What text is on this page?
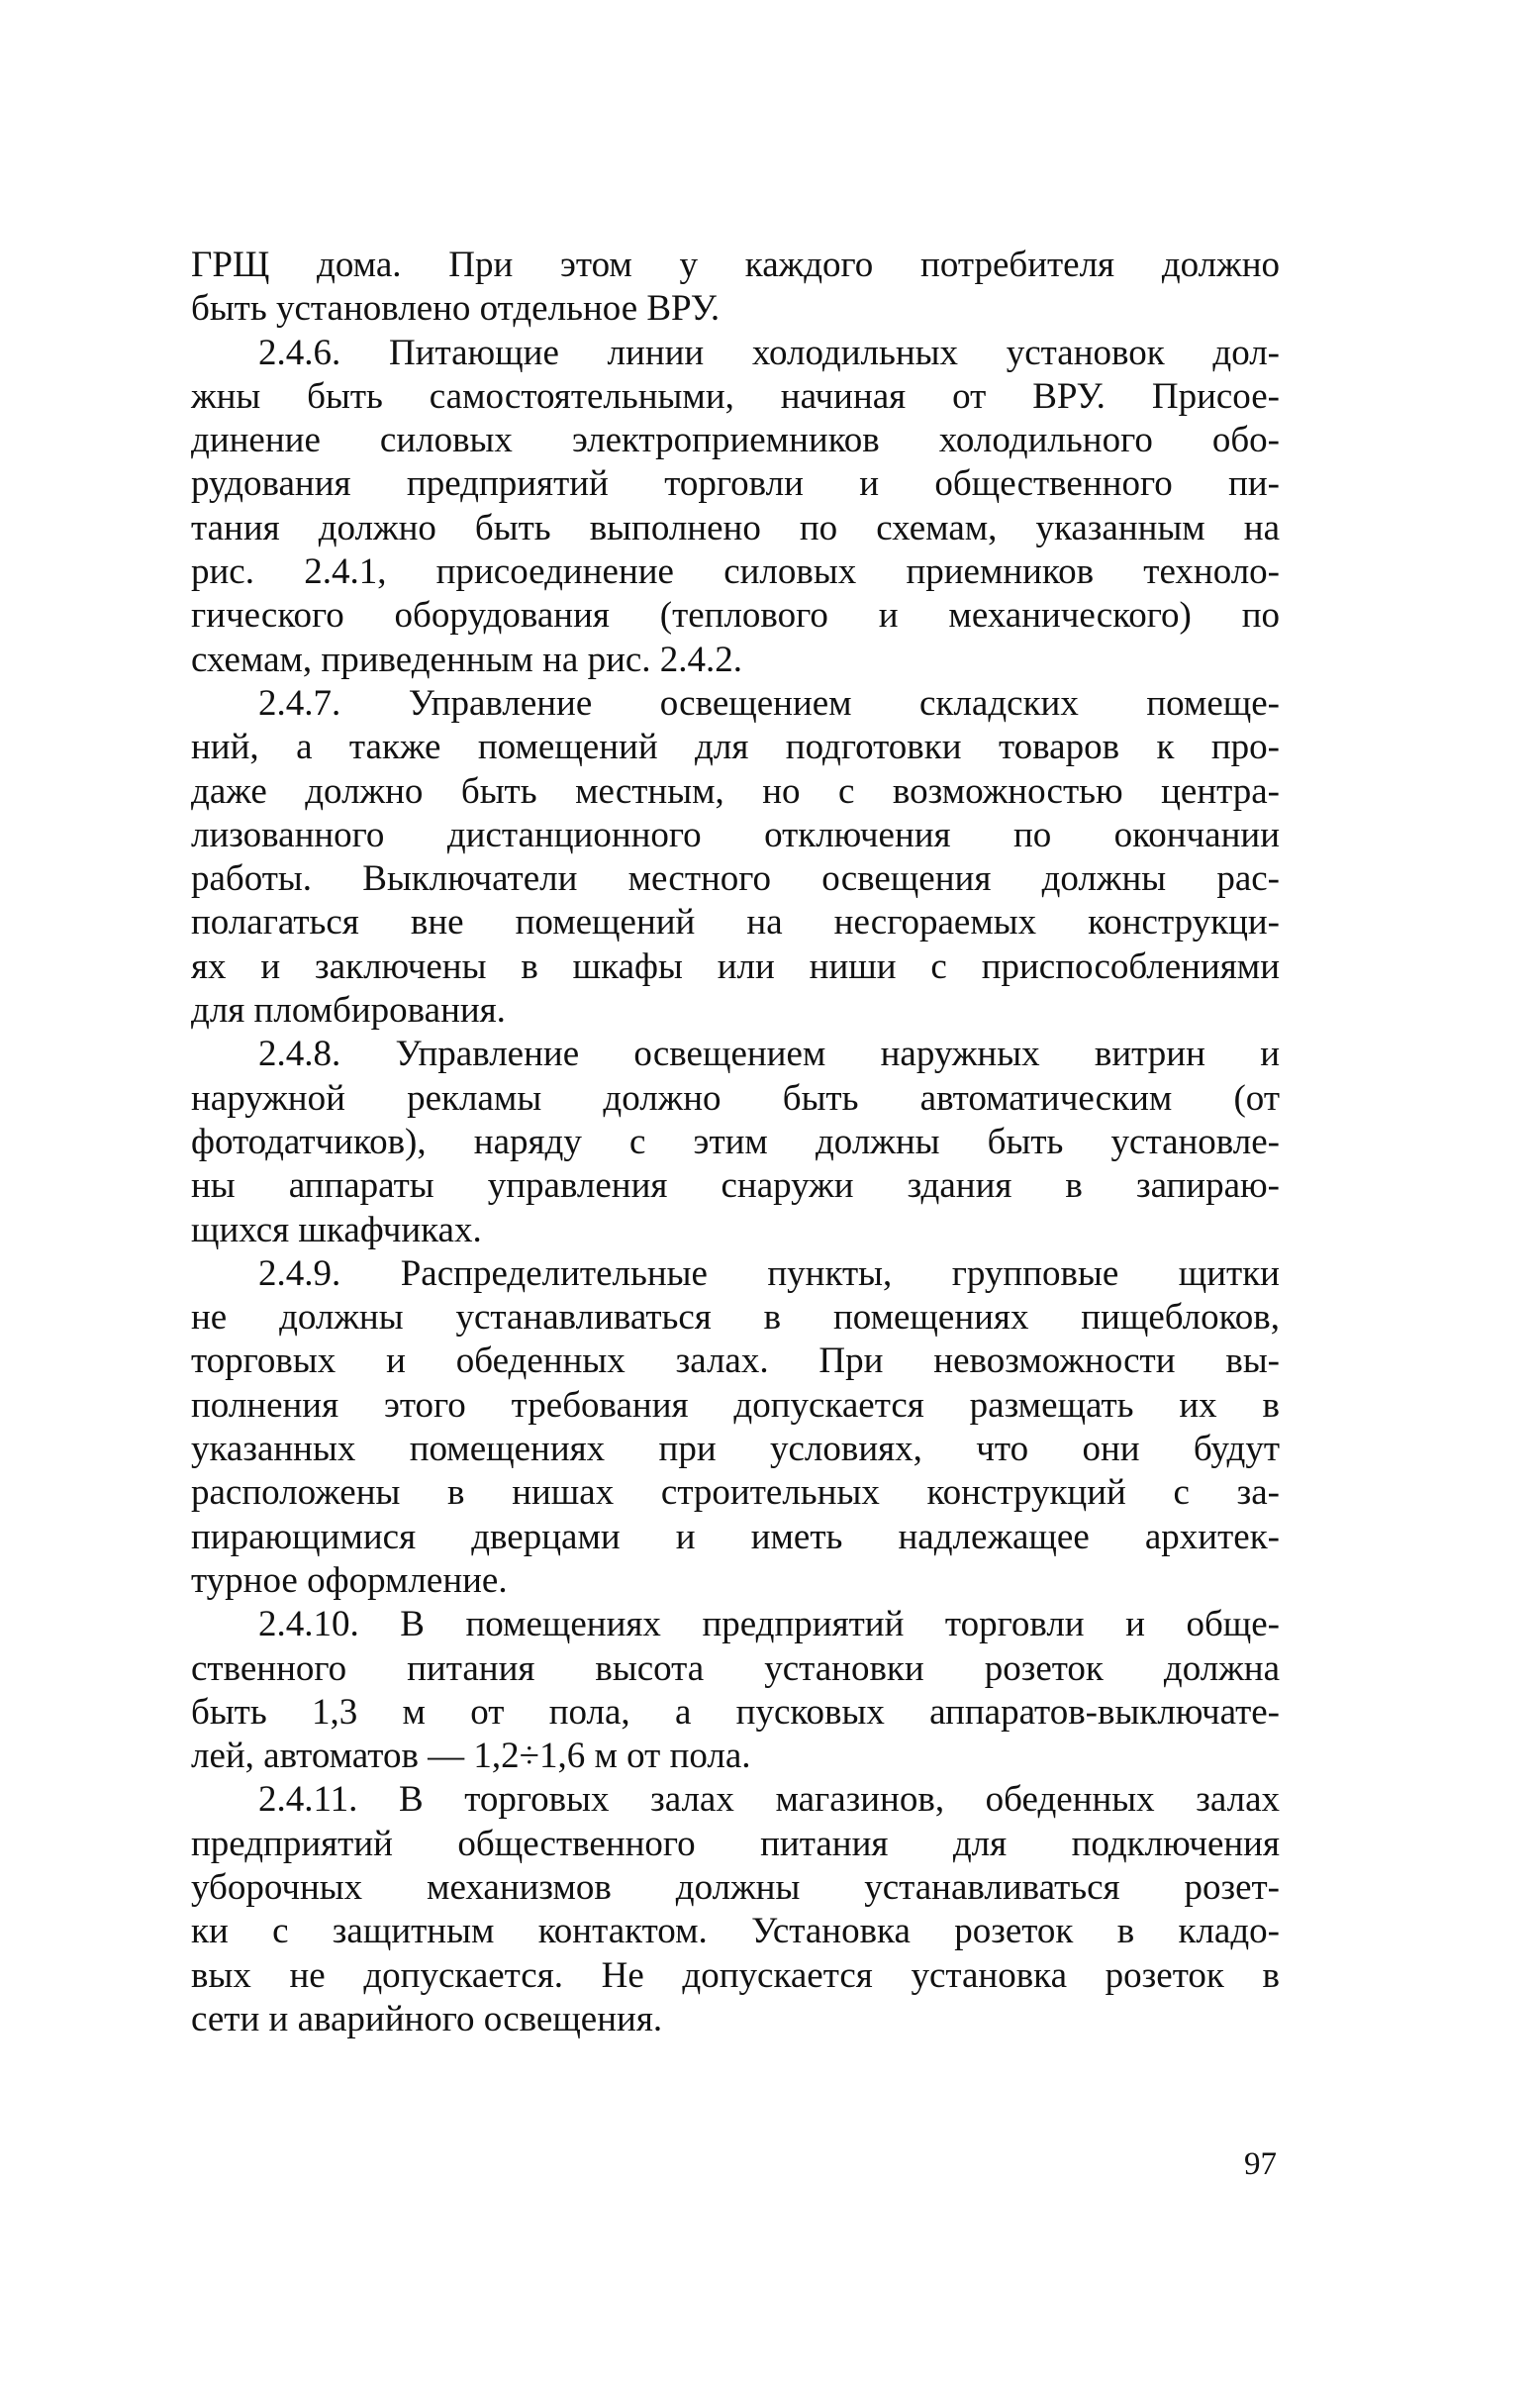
ГРЩ дома. При этом у каждого потребителя должно
быть установлено отдельное ВРУ.
2.4.6. Питающие линии холодильных установок дол-
жны быть самостоятельными, начиная от ВРУ. Присое-
динение силовых электроприемников холодильного обо-
рудования предприятий торговли и общественного пи-
тания должно быть выполнено по схемам, указанным на
рис. 2.4.1, присоединение силовых приемников техноло-
гического оборудования (теплового и механического) по
схемам, приведенным на рис. 2.4.2.
2.4.7. Управление освещением складских помеще-
ний, а также помещений для подготовки товаров к про-
даже должно быть местным, но с возможностью центра-
лизованного дистанционного отключения по окончании
работы. Выключатели местного освещения должны рас-
полагаться вне помещений на несгораемых конструкци-
ях и заключены в шкафы или ниши с приспособлениями
для пломбирования.
2.4.8. Управление освещением наружных витрин и
наружной рекламы должно быть автоматическим (от
фотодатчиков), наряду с этим должны быть установле-
ны аппараты управления снаружи здания в запираю-
щихся шкафчиках.
2.4.9. Распределительные пункты, групповые щитки
не должны устанавливаться в помещениях пищеблоков,
торговых и обеденных залах. При невозможности вы-
полнения этого требования допускается размещать их в
указанных помещениях при условиях, что они будут
расположены в нишах строительных конструкций с за-
пирающимися дверцами и иметь надлежащее архитек-
турное оформление.
2.4.10. В помещениях предприятий торговли и обще-
ственного питания высота установки розеток должна
быть 1,3 м от пола, а пусковых аппаратов-выключате-
лей, автоматов — 1,2÷1,6 м от пола.
2.4.11. В торговых залах магазинов, обеденных залах
предприятий общественного питания для подключения
уборочных механизмов должны устанавливаться розет-
ки с защитным контактом. Установка розеток в кладо-
вых не допускается. Не допускается установка розеток в
сети и аварийного освещения.
97
